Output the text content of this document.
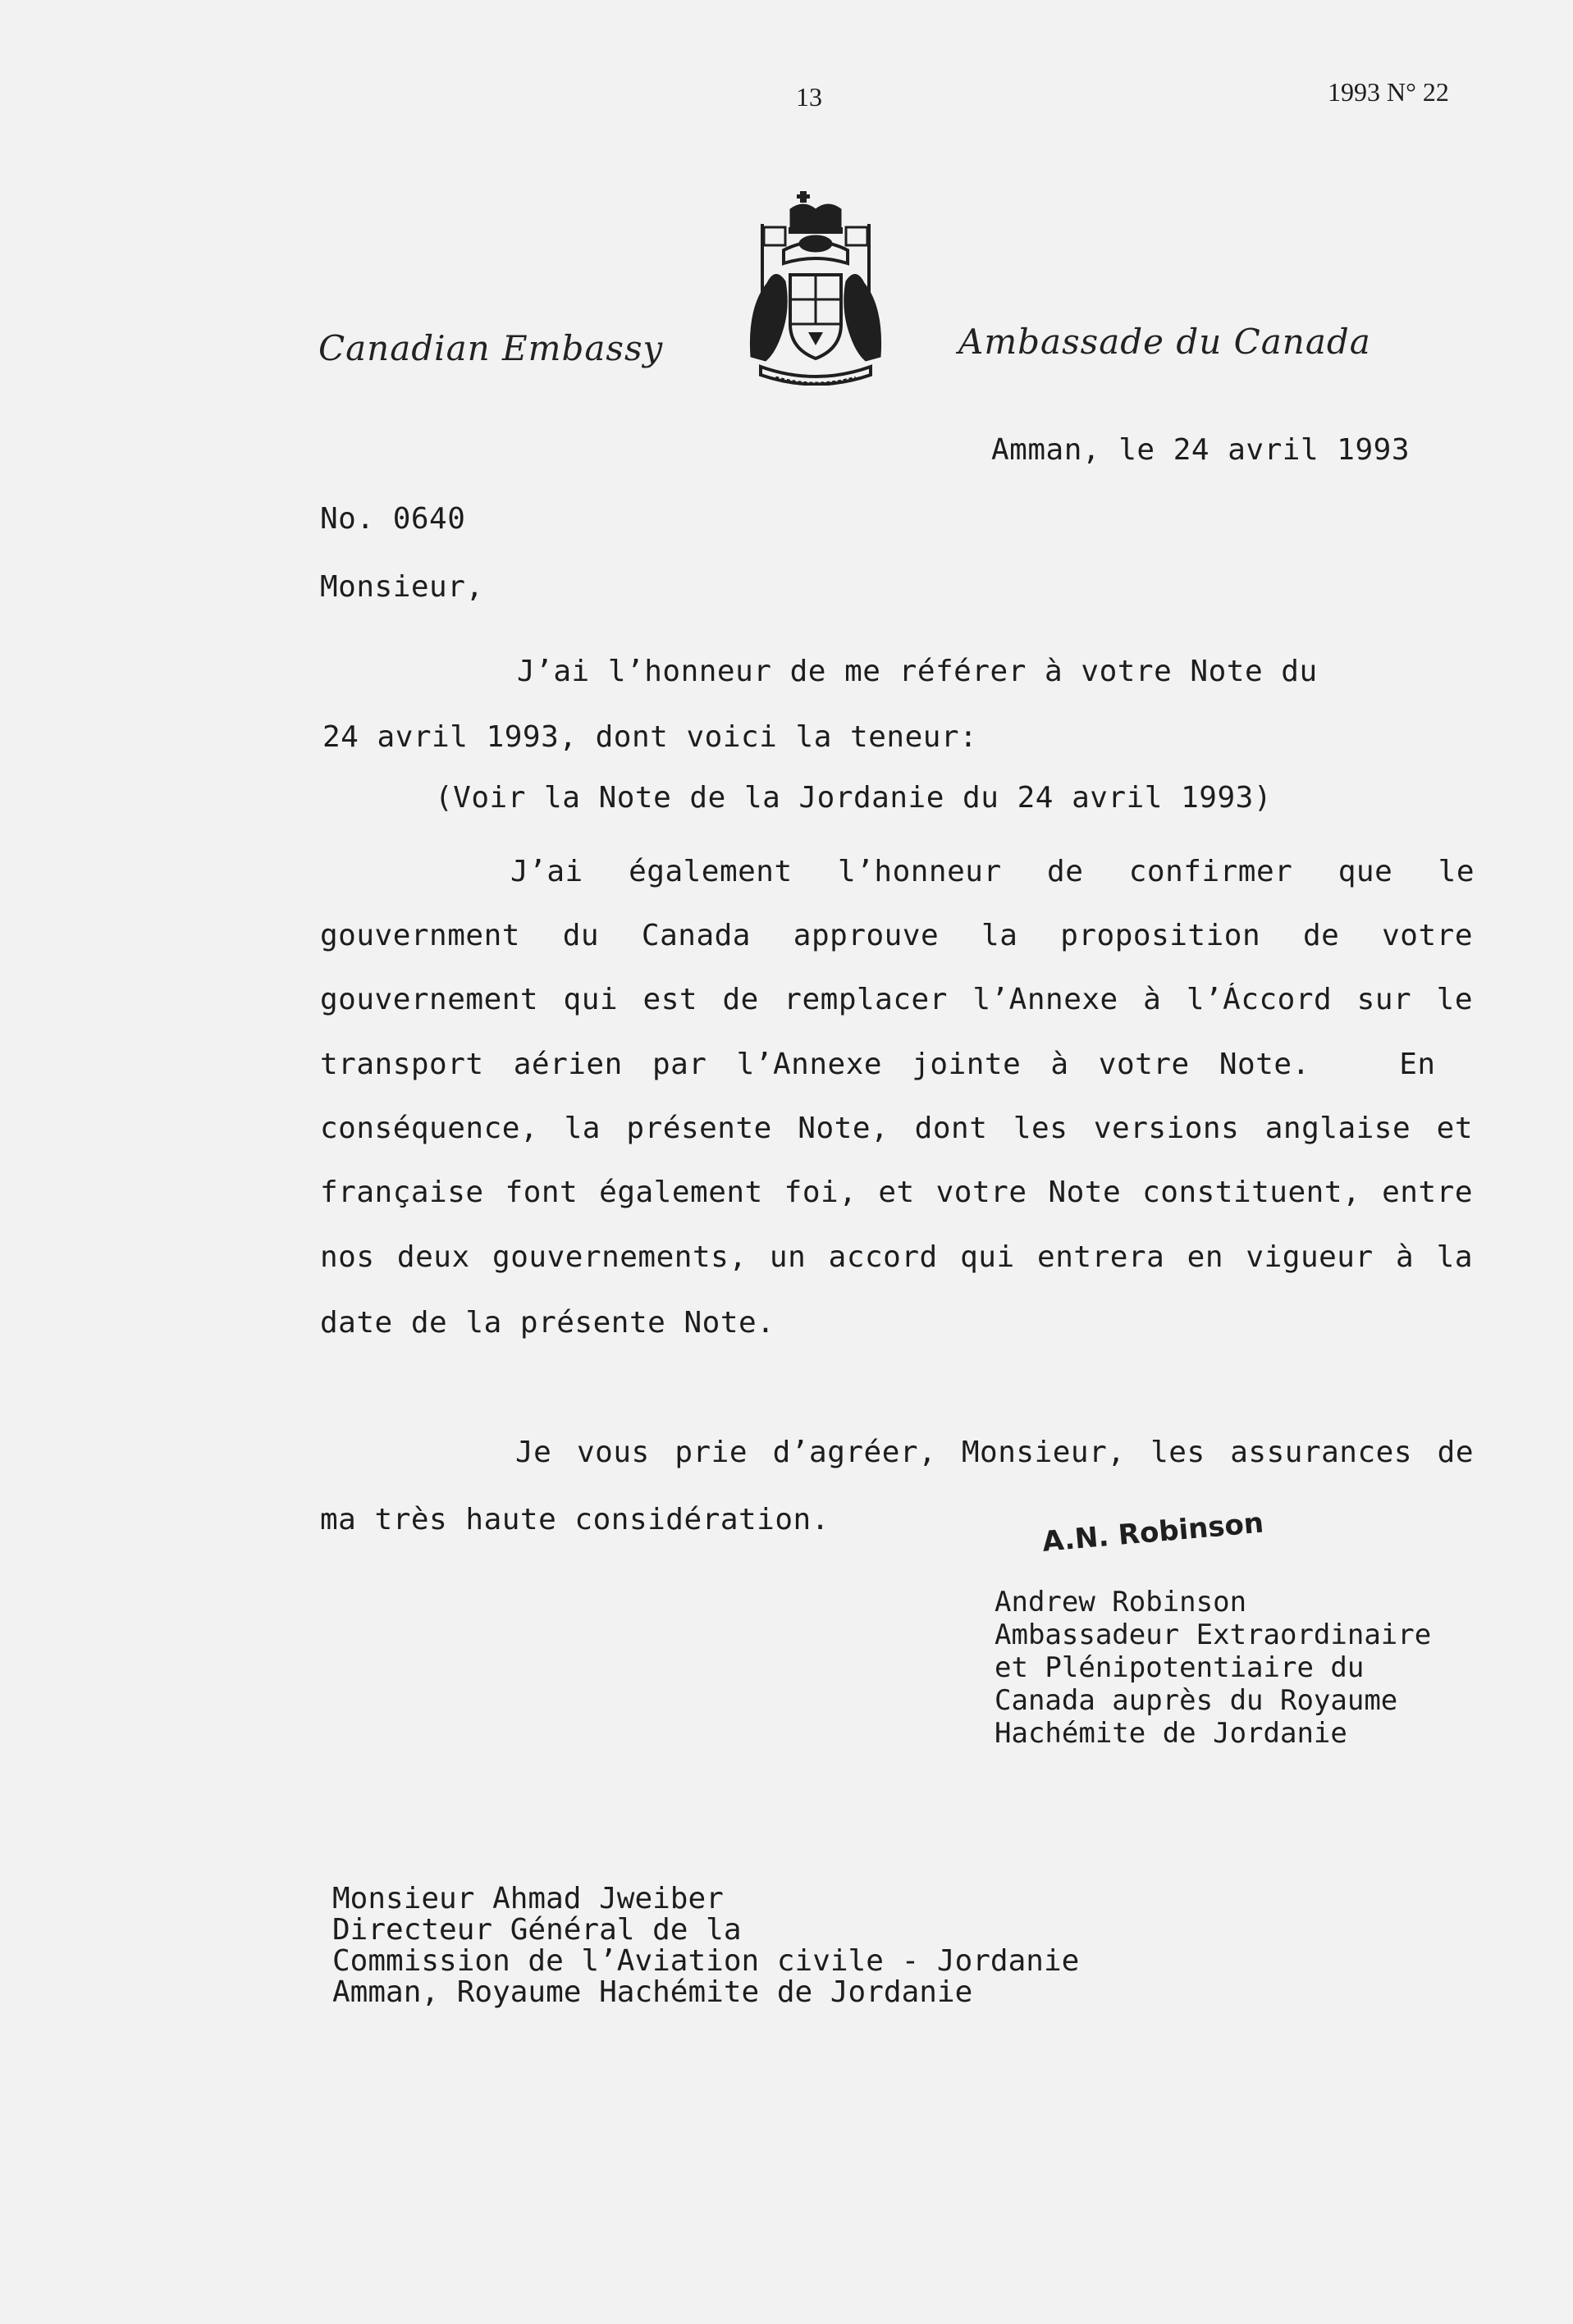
13	1993 N° 22
Canadian Embassy	Ambassade du Canada
Amman, le 24 avril 1993
No. 0640
Monsieur,
J’ai l’honneur de me référer à votre Note du
24 avril 1993, dont voici la teneur:
(Voir la Note de la Jordanie du 24 avril 1993)
J’ai également l’honneur de confirmer que le
gouvernment du Canada approuve la proposition de votre
gouvernement qui est de remplacer l’Annexe à l’Áccord sur le
transport aérien par l’Annexe jointe à votre Note.   En
conséquence, la présente Note, dont les versions anglaise et
française font également foi, et votre Note constituent, entre
nos deux gouvernements, un accord qui entrera en vigueur à la
date de la présente Note.
Je vous prie d’agréer, Monsieur, les assurances de
ma très haute considération.	A.N. Robinson
Andrew Robinson
Ambassadeur Extraordinaire
et Plénipotentiaire du
Canada auprès du Royaume
Hachémite de Jordanie
Monsieur Ahmad Jweiber
Directeur Général de la
Commission de l’Aviation civile - Jordanie
Amman, Royaume Hachémite de Jordanie
